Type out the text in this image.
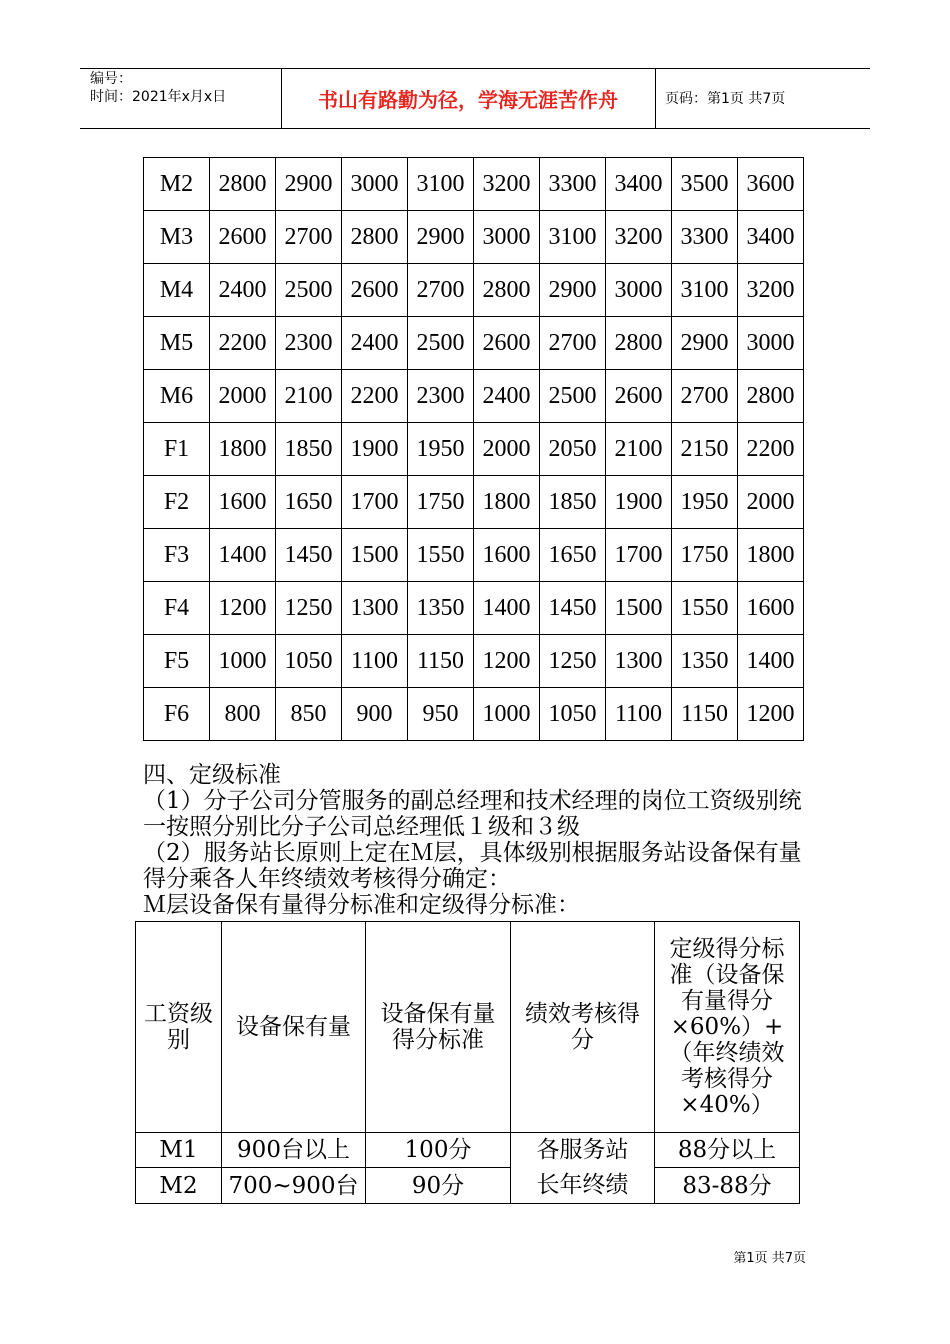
编号：
时间：2021年x月x日	书山有路勤为径，学海无涯苦作舟	页码：第1页 共7页
M2	2800	2900	3000	3100	3200	3300	3400	3500	3600
M3	2600	2700	2800	2900	3000	3100	3200	3300	3400
M4	2400	2500	2600	2700	2800	2900	3000	3100	3200
M5	2200	2300	2400	2500	2600	2700	2800	2900	3000
M6	2000	2100	2200	2300	2400	2500	2600	2700	2800
F1	1800	1850	1900	1950	2000	2050	2100	2150	2200
F2	1600	1650	1700	1750	1800	1850	1900	1950	2000
F3	1400	1450	1500	1550	1600	1650	1700	1750	1800
F4	1200	1250	1300	1350	1400	1450	1500	1550	1600
F5	1000	1050	1100	1150	1200	1250	1300	1350	1400
F6	800	850	900	950	1000	1050	1100	1150	1200

四、定级标准

（1）分子公司分管服务的副总经理和技术经理的岗位工资级别统一按照分别比分子公司总经理低１级和３级

（2）服务站长原则上定在Ｍ层，具体级别根据服务站设备保有量得分乘各人年终绩效考核得分确定：

Ｍ层设备保有量得分标准和定级得分标准：

工资级别	设备保有量	设备保有量得分标准	绩效考核得分	定级得分标准（设备保有量得分×60%）+（年终绩效考核得分×40%）

M1	900台以上	100分	各服务站	88分以上
M2	700~900台	90分	长年终绩	83-88分
第1页 共7页
